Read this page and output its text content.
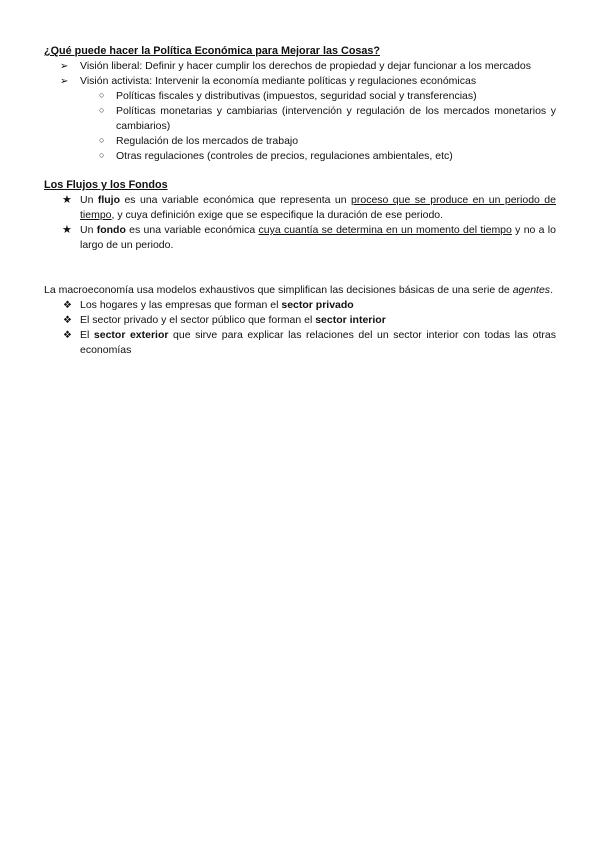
¿Qué puede hacer la Política Económica para Mejorar las Cosas?
➢ Visión liberal: Definir y hacer cumplir los derechos de propiedad y dejar funcionar a los mercados
➢ Visión activista: Intervenir la economía mediante políticas y regulaciones económicas
○ Políticas fiscales y distributivas (impuestos, seguridad social y transferencias)
○ Políticas monetarias y cambiarias (intervención y regulación de los mercados monetarios y cambiarios)
○ Regulación de los mercados de trabajo
○ Otras regulaciones (controles de precios, regulaciones ambientales, etc)
Los Flujos y los Fondos
★ Un flujo es una variable económica que representa un proceso que se produce en un periodo de tiempo, y cuya definición exige que se especifique la duración de ese periodo.
★ Un fondo es una variable económica cuya cuantía se determina en un momento del tiempo y no a lo largo de un periodo.
La macroeconomía usa modelos exhaustivos que simplifican las decisiones básicas de una serie de agentes.
❖ Los hogares y las empresas que forman el sector privado
❖ El sector privado y el sector público que forman el sector interior
❖ El sector exterior que sirve para explicar las relaciones del un sector interior con todas las otras economías
